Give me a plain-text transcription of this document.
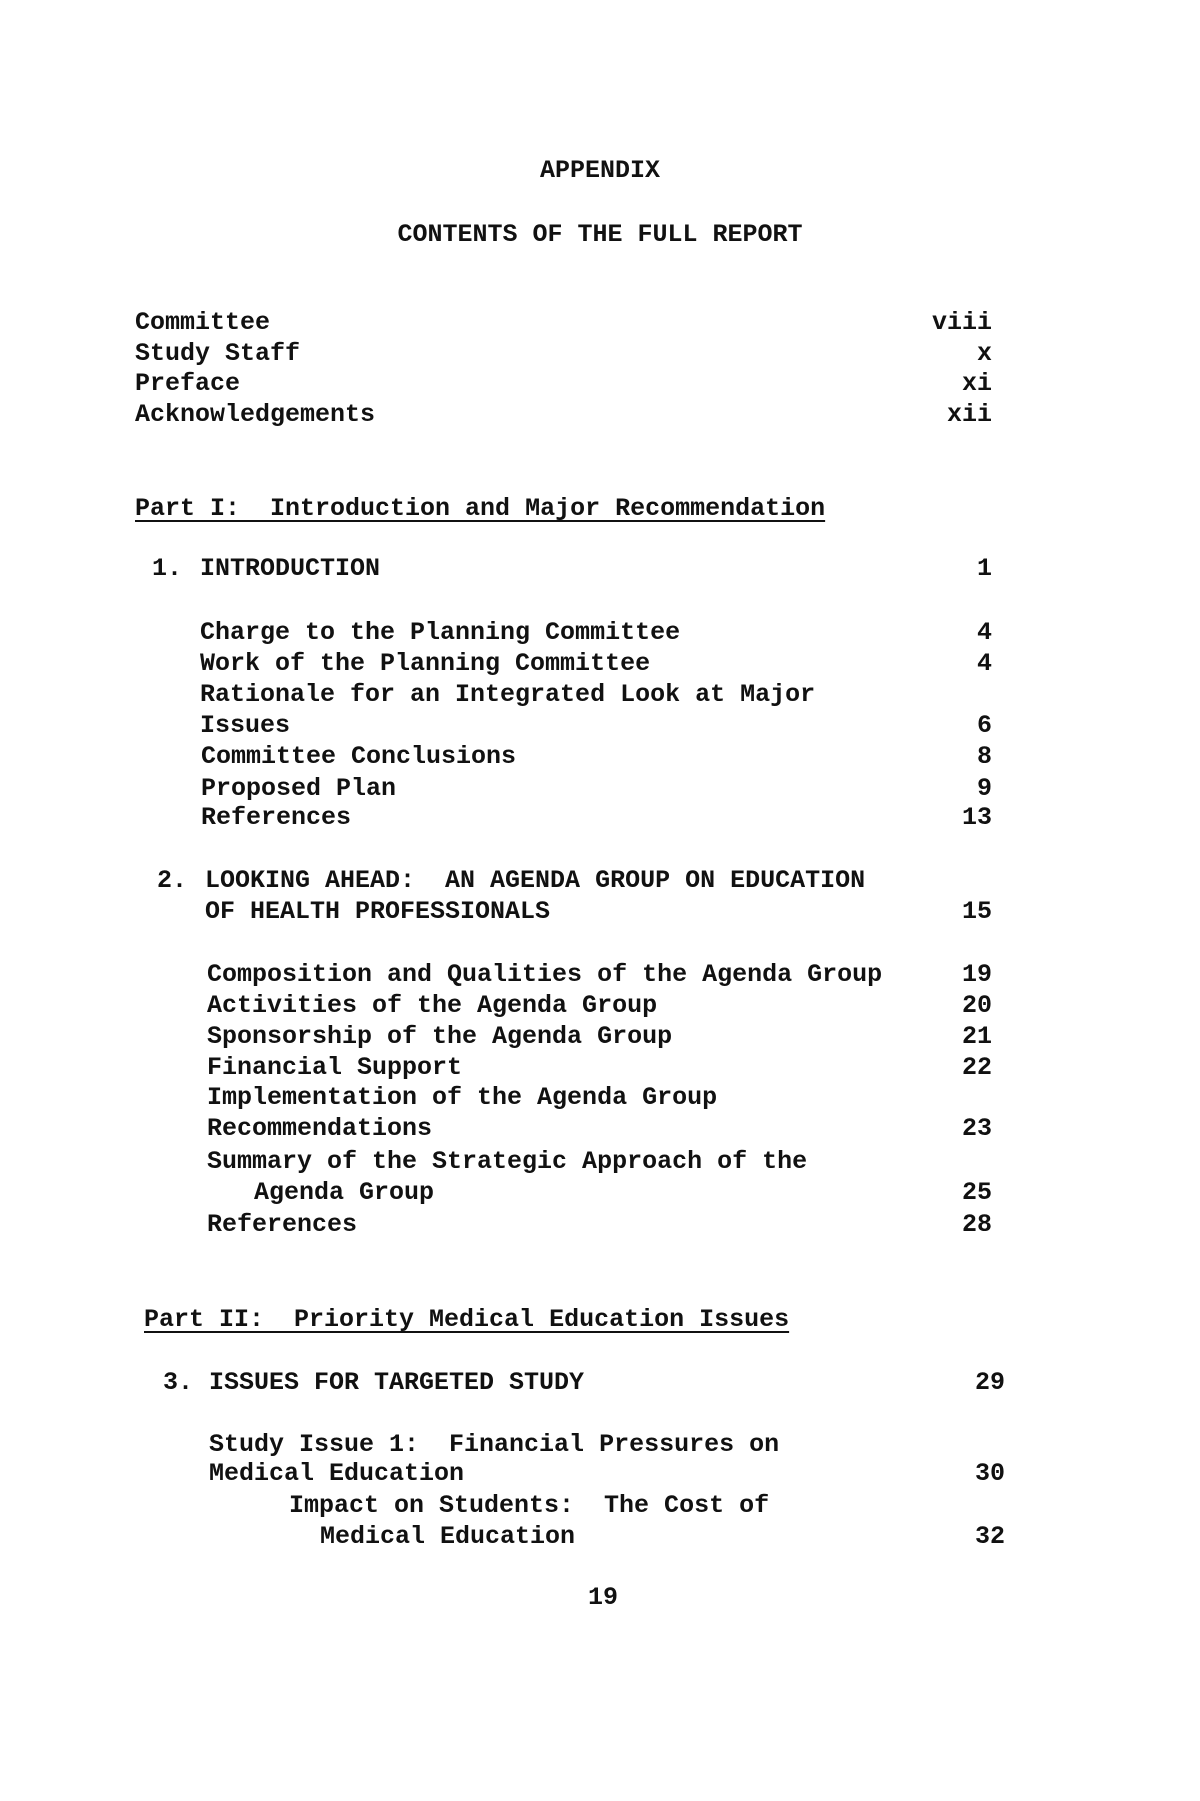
APPENDIX
CONTENTS OF THE FULL REPORT
Committee	viii
Study Staff	x
Preface	xi
Acknowledgements	xii
Part I:  Introduction and Major Recommendation
1. INTRODUCTION	1
Charge to the Planning Committee	4
Work of the Planning Committee	4
Rationale for an Integrated Look at Major
Issues	6
Committee Conclusions	8
Proposed Plan	9
References	13
2. LOOKING AHEAD:  AN AGENDA GROUP ON EDUCATION
OF HEALTH PROFESSIONALS	15
Composition and Qualities of the Agenda Group	19
Activities of the Agenda Group	20
Sponsorship of the Agenda Group	21
Financial Support	22
Implementation of the Agenda Group
Recommendations	23
Summary of the Strategic Approach of the
Agenda Group	25
References	28
Part II:  Priority Medical Education Issues
3. ISSUES FOR TARGETED STUDY	29
Study Issue 1:  Financial Pressures on
Medical Education	30
Impact on Students:  The Cost of
Medical Education	32
19
